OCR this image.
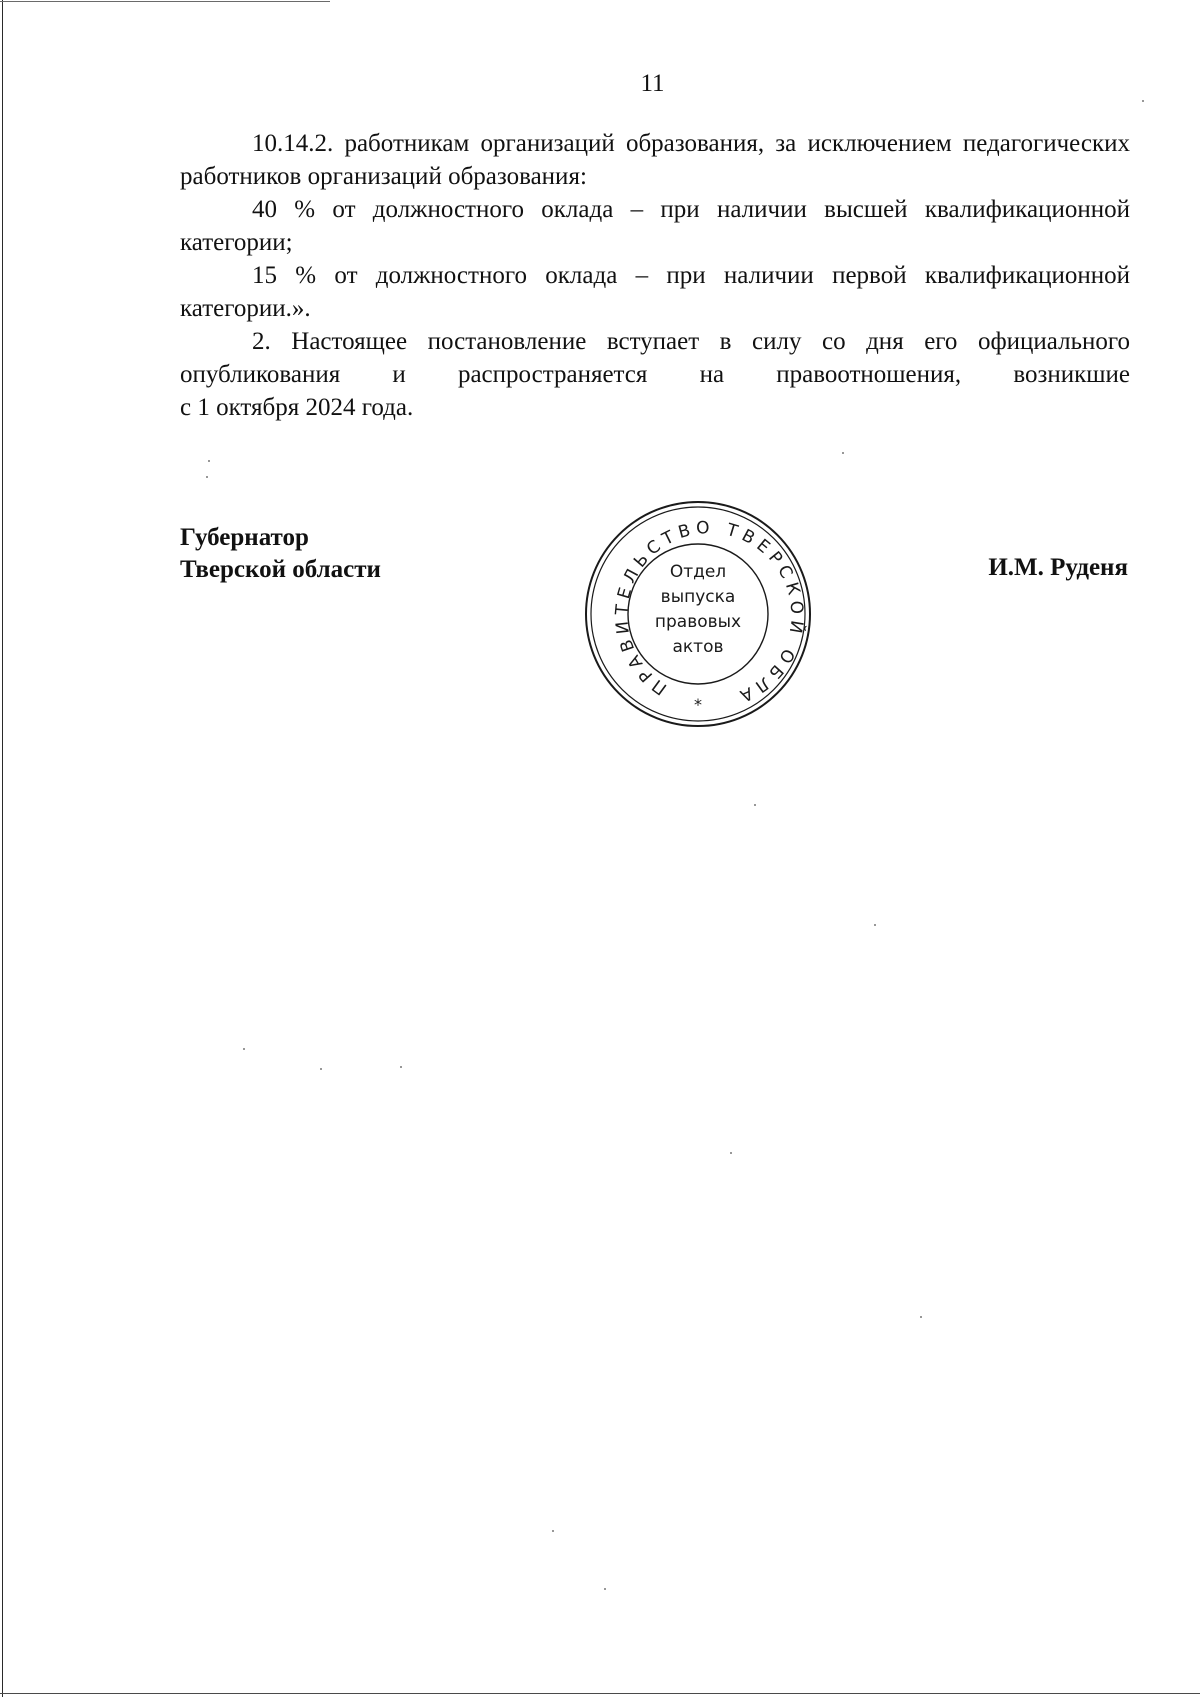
11

10.14.2. работникам организаций образования, за исключением педагогических работников организаций образования:

40 % от должностного оклада – при наличии высшей квалификационной категории;

15 % от должностного оклада – при наличии первой квалификационной категории.».

2. Настоящее постановление вступает в силу со дня его официального опубликования и распространяется на правоотношения, возникшие

с 1 октября 2024 года.

Губернатор
Тверской области
ПРАВИТЕЛЬСТВО ТВЕРСКОЙ ОБЛА
*
Отдел
выпуска
правовых
актов
И.М. Руденя
